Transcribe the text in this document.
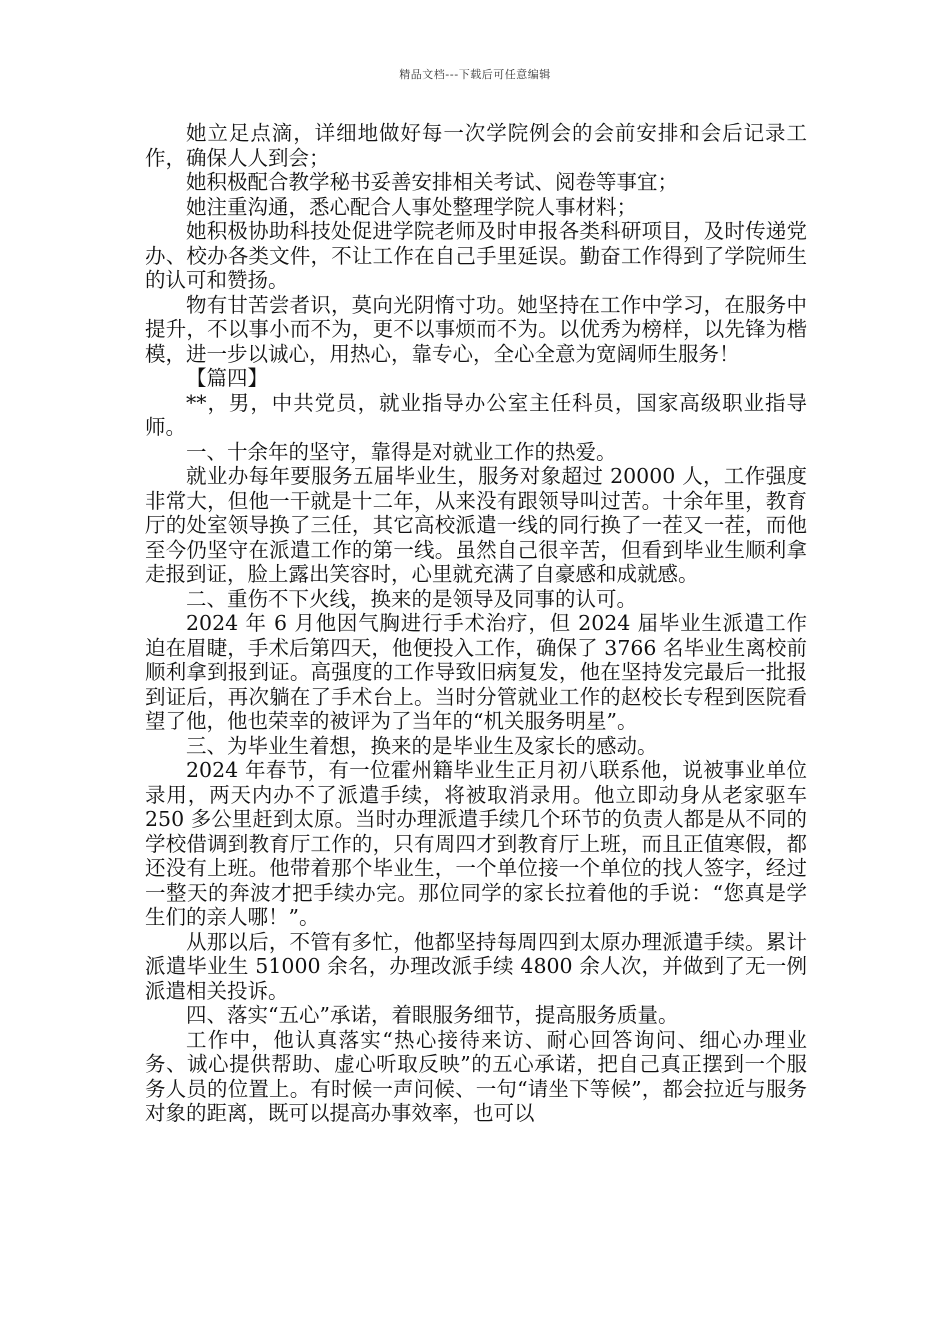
精品文档---下载后可任意编辑

她立足点滴，详细地做好每一次学院例会的会前安排和会后记录工作，确保人人到会；

她积极配合教学秘书妥善安排相关考试、阅卷等事宜；

她注重沟通，悉心配合人事处整理学院人事材料；

她积极协助科技处促进学院老师及时申报各类科研项目，及时传递党办、校办各类文件，不让工作在自己手里延误。勤奋工作得到了学院师生的认可和赞扬。

物有甘苦尝者识，莫向光阴惰寸功。她坚持在工作中学习，在服务中提升，不以事小而不为，更不以事烦而不为。以优秀为榜样，以先锋为楷模，进一步以诚心，用热心，靠专心，全心全意为宽阔师生服务！

【篇四】

**，男，中共党员，就业指导办公室主任科员，国家高级职业指导师。

一、十余年的坚守，靠得是对就业工作的热爱。

就业办每年要服务五届毕业生，服务对象超过 20000 人，工作强度非常大，但他一干就是十二年，从来没有跟领导叫过苦。十余年里，教育厅的处室领导换了三任，其它高校派遣一线的同行换了一茬又一茬，而他至今仍坚守在派遣工作的第一线。虽然自己很辛苦，但看到毕业生顺利拿走报到证，脸上露出笑容时，心里就充满了自豪感和成就感。

二、重伤不下火线，换来的是领导及同事的认可。

2024 年 6 月他因气胸进行手术治疗，但 2024 届毕业生派遣工作迫在眉睫，手术后第四天，他便投入工作，确保了 3766 名毕业生离校前顺利拿到报到证。高强度的工作导致旧病复发，他在坚持发完最后一批报到证后，再次躺在了手术台上。当时分管就业工作的赵校长专程到医院看望了他，他也荣幸的被评为了当年的“机关服务明星”。

三、为毕业生着想，换来的是毕业生及家长的感动。

2024 年春节，有一位霍州籍毕业生正月初八联系他，说被事业单位录用，两天内办不了派遣手续，将被取消录用。他立即动身从老家驱车 250 多公里赶到太原。当时办理派遣手续几个环节的负责人都是从不同的学校借调到教育厅工作的，只有周四才到教育厅上班，而且正值寒假，都还没有上班。他带着那个毕业生，一个单位接一个单位的找人签字，经过一整天的奔波才把手续办完。那位同学的家长拉着他的手说：“您真是学生们的亲人哪！”。

从那以后，不管有多忙，他都坚持每周四到太原办理派遣手续。累计派遣毕业生 51000 余名，办理改派手续 4800 余人次，并做到了无一例派遣相关投诉。

四、落实“五心”承诺，着眼服务细节，提高服务质量。

工作中，他认真落实“热心接待来访、耐心回答询问、细心办理业务、诚心提供帮助、虚心听取反映”的五心承诺，把自己真正摆到一个服务人员的位置上。有时候一声问候、一句“请坐下等候”，都会拉近与服务对象的距离，既可以提高办事效率，也可以
